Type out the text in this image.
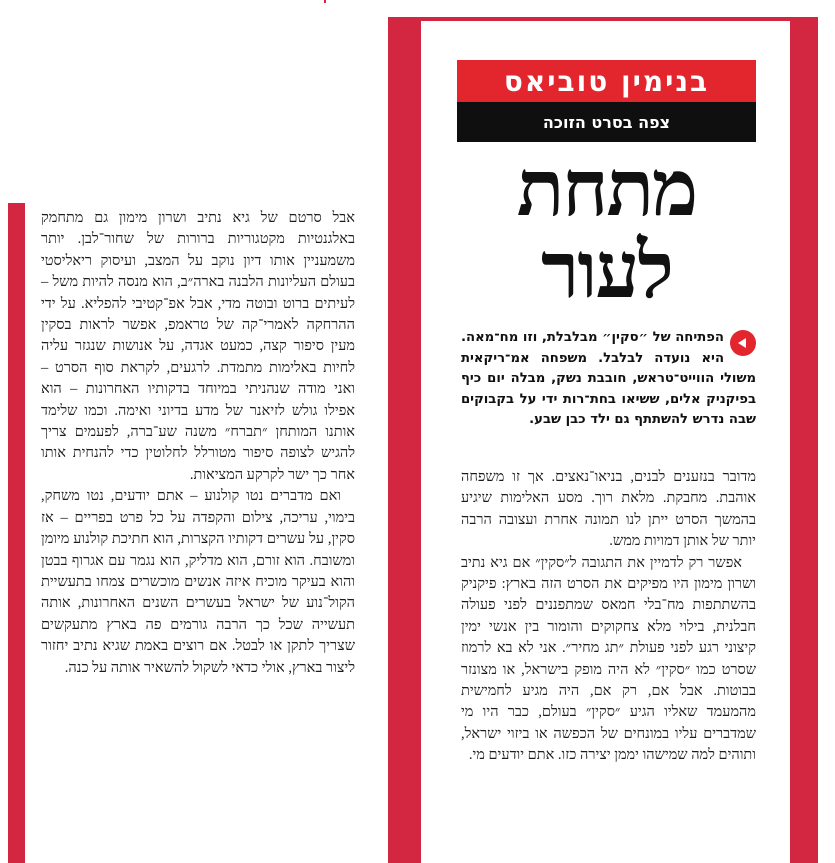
בנימין טוביאס
צפה בסרט הזוכה
מתחת
לעור
הפתיחה של ״סקין״ מבלבלת, וזו מח־מאה. היא נועדה לבלבל. משפחה אמ־ריקאית משולי הווייט־טראש, חובבת נשק, מבלה יום כיף בפיקניק אלים, ששיאו בחת־רות ידי על בקבוקים שבה נדרש להשתתף גם ילד כבן שבע.

מדובר בנזענים לבנים, בניאו־נאצים. אך זו משפחה אוהבת. מחבקת. מלאת רוך. מסע האלימות שיגיע בהמשך הסרט ייתן לנו תמונה אחרת ועצובה הרבה יותר של אותן דמויות ממש.

אפשר רק לדמיין את התגובה ל״סקין״ אם גיא נתיב ושרון מימון היו מפיקים את הסרט הזה בארץ: פיקניק בהשתתפות מח־בלי חמאס שמתפננים לפני פעולה חבלנית, בילוי מלא צחקוקים והומור בין אנשי ימין קיצוני רגע לפני פעולת ״תג מחיר״. אני לא בא לרמוז שסרט כמו ״סקין״ לא היה מופק בישראל, או מצונזר בבוטות. אבל אם, רק אם, היה מגיע לחמישית מהמעמד שאליו הגיע ״סקין״ בעולם, כבר היו מי שמדברים עליו במונחים של הכפשה או ביזוי ישראל, ותוהים למה שמישהו יממן יצירה כזו. אתם יודעים מי.

אבל סרטם של גיא נתיב ושרון מימון גם מתחמק באלגנטיות מקטגוריות ברורות של שחור־לבן. יותר משמעניין אותו דיון נוקב על המצב, ועיסוק ריאליסטי בעולם העליונות הלבנה בארה״ב, הוא מנסה להיות משל – לעיתים ברוט ובוטה מדי, אבל אפ־קטיבי להפליא. על ידי ההרחקה לאמרי־קה של טראמפ, אפשר לראות בסקין מעין סיפור קצה, כמעט אגדה, על אנושות שנגזר עליה לחיות באלימות מתמדת. לרגעים, לקראת סוף הסרט – ואני מודה שנהניתי במיוחד בדקותיו האחרונות – הוא אפילו גולש לזיאנר של מדע בדיוני ואימה. וכמו שלימד אותנו המותחן ״תברח״ משנה שע־ברה, לפעמים צריך להגיש לצופה סיפור מטורלל לחלוטין כדי להנחית אותו אחר כך ישר לקרקע המציאות.

ואם מדברים נטו קולנוע – אתם יודעים, נטו משחק, בימוי, עריכה, צילום והקפדה על כל פרט בפריים – אז סקין, על עשרים דקותיו הקצרות, הוא חתיכת קולנוע מיומן ומשובח. הוא זורם, הוא מדליק, הוא נגמר עם אגרוף בבטן והוא בעיקר מוכיח איזה אנשים מוכשרים צמחו בתעשיית הקול־נוע של ישראל בעשרים השנים האחרונות, אותה תעשייה שכל כך הרבה גורמים פה בארץ מתעקשים שצריך לתקן או לבטל. אם רוצים באמת שגיא נתיב יחזור ליצור בארץ, אולי כדאי לשקול להשאיר אותה על כנה.
